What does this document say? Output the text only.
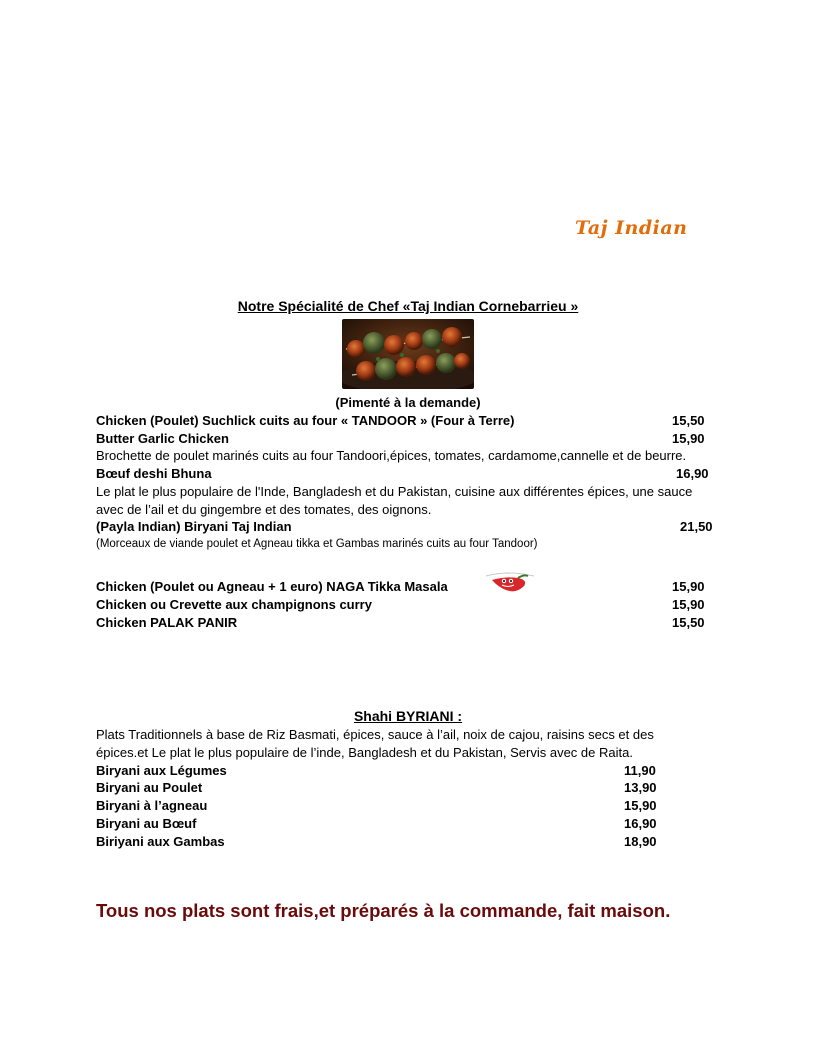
Taj Indian
Notre Spécialité de Chef «Taj Indian Cornebarrieu »
(Pimenté à la demande)
Chicken (Poulet) Suchlick cuits au four « TANDOOR » (Four à Terre)	15,50
Butter Garlic Chicken	15,90
Brochette de poulet marinés cuits au four Tandoori,épices, tomates, cardamome,cannelle et de beurre.
Bœuf deshi Bhuna	16,90
Le plat le plus populaire de l'Inde, Bangladesh et du Pakistan, cuisine aux différentes épices, une sauce avec de l’ail et du gingembre et des tomates, des oignons.
(Payla Indian) Biryani Taj Indian	21,50
(Morceaux de viande poulet et Agneau tikka et Gambas marinés cuits au four Tandoor)
Chicken (Poulet ou Agneau + 1 euro) NAGA Tikka Masala	15,90
Chicken ou Crevette aux champignons curry	15,90
Chicken PALAK PANIR	15,50
Shahi BYRIANI :
Plats Traditionnels à base de Riz Basmati, épices, sauce à l’ail, noix de cajou, raisins secs et des épices.et Le plat le plus populaire de l’inde, Bangladesh et du Pakistan, Servis avec de Raita.
Biryani aux Légumes	11,90
Biryani au Poulet	13,90
Biryani à l’agneau	15,90
Biryani au Bœuf	16,90
Biriyani aux Gambas	18,90
Tous nos plats sont frais,et préparés à la commande, fait maison.
